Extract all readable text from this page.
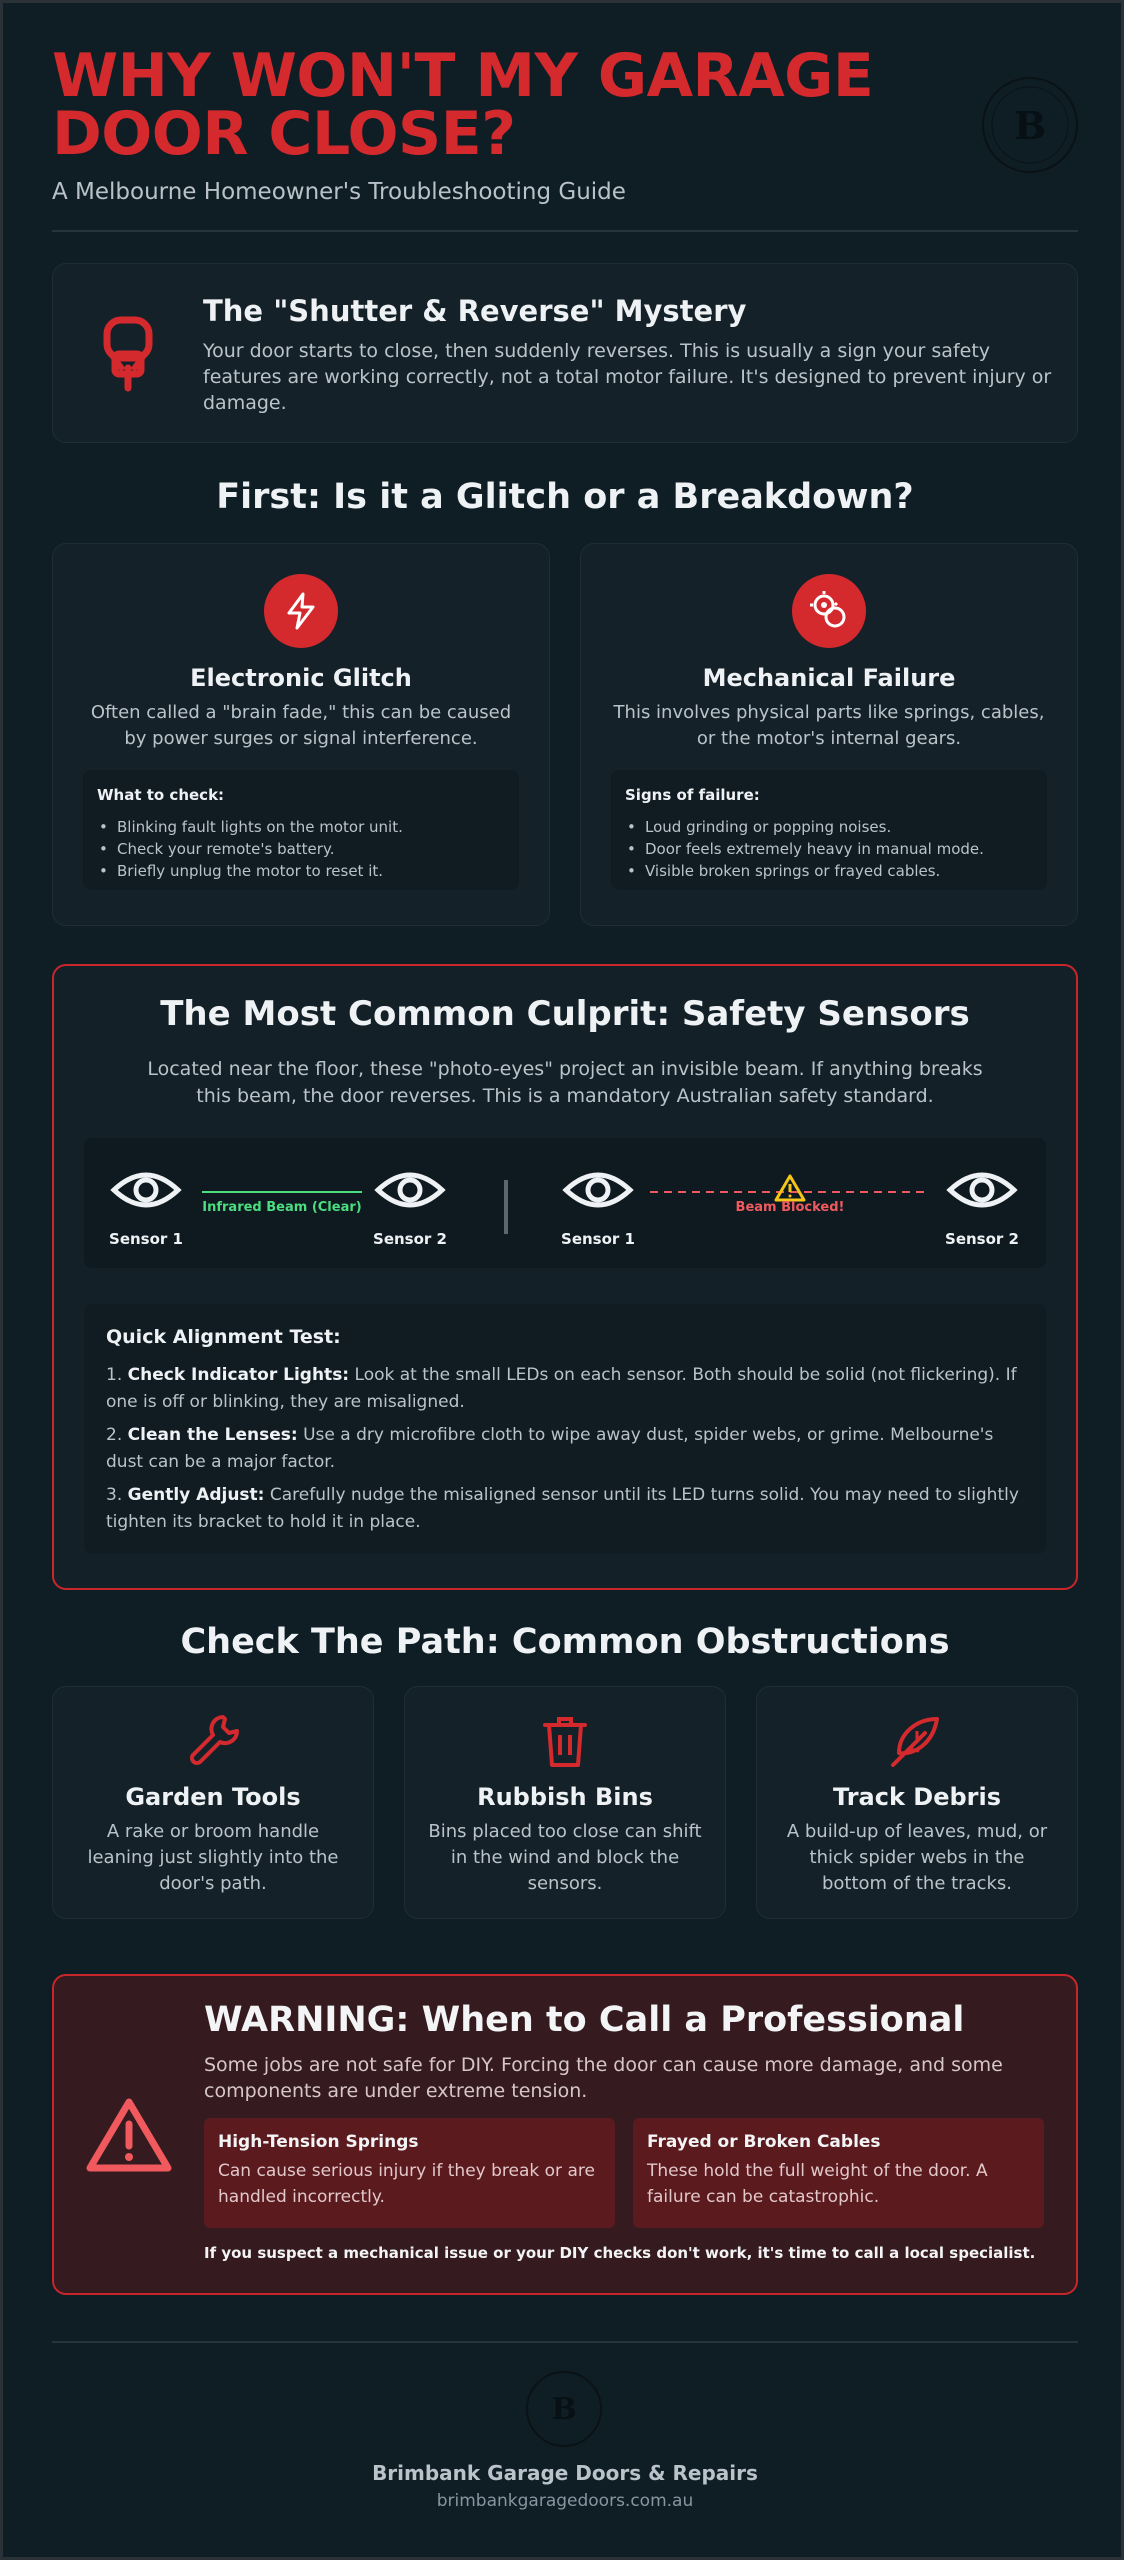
WHY WON'T MY GARAGE DOOR CLOSE?
A Melbourne Homeowner's Troubleshooting Guide
B
The "Shutter & Reverse" Mystery

Your door starts to close, then suddenly reverses. This is usually a sign your safety features are working correctly, not a total motor failure. It's designed to prevent injury or damage.

First: Is it a Glitch or a Breakdown?
Electronic Glitch
Often called a "brain fade," this can be caused by power surges or signal interference.
What to check:
• Blinking fault lights on the motor unit.
• Check your remote's battery.
• Briefly unplug the motor to reset it.
Mechanical Failure
This involves physical parts like springs, cables, or the motor's internal gears.
Signs of failure:
• Loud grinding or popping noises.
• Door feels extremely heavy in manual mode.
• Visible broken springs or frayed cables.
The Most Common Culprit: Safety Sensors
Located near the floor, these "photo-eyes" project an invisible beam. If anything breaks this beam, the door reverses. This is a mandatory Australian safety standard.
Infrared Beam (Clear)	Beam Blocked!
Sensor 1	Sensor 2	Sensor 1	Sensor 2
Quick Alignment Test:

1. Check Indicator Lights: Look at the small LEDs on each sensor. Both should be solid (not flickering). If one is off or blinking, they are misaligned.

2. Clean the Lenses: Use a dry microfibre cloth to wipe away dust, spider webs, or grime. Melbourne's dust can be a major factor.

3. Gently Adjust: Carefully nudge the misaligned sensor until its LED turns solid. You may need to slightly tighten its bracket to hold it in place.

Check The Path: Common Obstructions
Garden Tools

A rake or broom handle leaning just slightly into the door's path.

Rubbish Bins

Bins placed too close can shift in the wind and block the sensors.

Track Debris

A build-up of leaves, mud, or thick spider webs in the bottom of the tracks.

WARNING: When to Call a Professional
Some jobs are not safe for DIY. Forcing the door can cause more damage, and some components are under extreme tension.
High-Tension Springs

Can cause serious injury if they break or are handled incorrectly.

Frayed or Broken Cables

These hold the full weight of the door. A failure can be catastrophic.

If you suspect a mechanical issue or your DIY checks don't work, it's time to call a local specialist.
B
Brimbank Garage Doors & Repairs
brimbankgaragedoors.com.au
